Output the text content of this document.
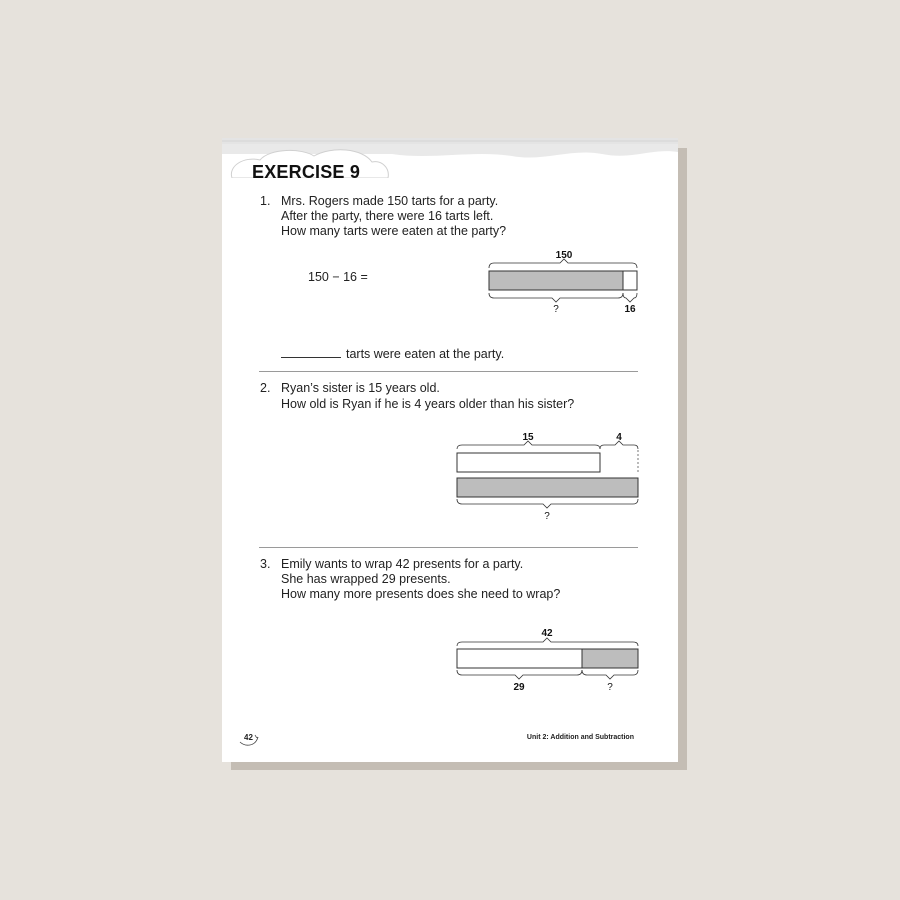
EXERCISE 9
1. Mrs. Rogers made 150 tarts for a party.
After the party, there were 16 tarts left.
How many tarts were eaten at the party?
150 − 16 =
150
?	16
tarts were eaten at the party.
2. Ryan’s sister is 15 years old.
How old is Ryan if he is 4 years older than his sister?
15	4
?
3. Emily wants to wrap 42 presents for a party.
She has wrapped 29 presents.
How many more presents does she need to wrap?
42
29	?
42	Unit 2: Addition and Subtraction
